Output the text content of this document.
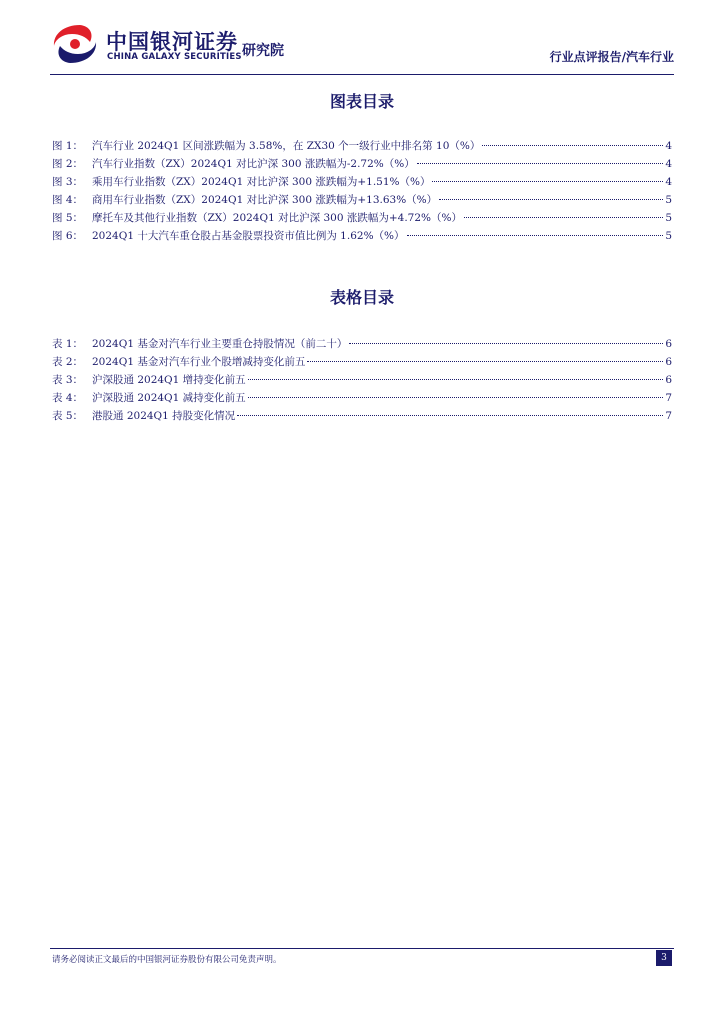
中国银河证券
CHINA GALAXY SECURITIES 研究院	行业点评报告/汽车行业
图表目录
图 1： 汽车行业 2024Q1 区间涨跌幅为 3.58%，在 ZX30 个一级行业中排名第 10（%）	4
图 2： 汽车行业指数（ZX）2024Q1 对比沪深 300 涨跌幅为-2.72%（%）	4
图 3： 乘用车行业指数（ZX）2024Q1 对比沪深 300 涨跌幅为+1.51%（%）	4
图 4： 商用车行业指数（ZX）2024Q1 对比沪深 300 涨跌幅为+13.63%（%）	5
图 5： 摩托车及其他行业指数（ZX）2024Q1 对比沪深 300 涨跌幅为+4.72%（%）	5
图 6： 2024Q1 十大汽车重仓股占基金股票投资市值比例为 1.62%（%）	5
表格目录
表 1： 2024Q1 基金对汽车行业主要重仓持股情况（前二十）	6
表 2： 2024Q1 基金对汽车行业个股增减持变化前五	6
表 3： 沪深股通 2024Q1 增持变化前五	6
表 4： 沪深股通 2024Q1 减持变化前五	7
表 5： 港股通 2024Q1 持股变化情况	7
请务必阅读正文最后的中国银河证券股份有限公司免责声明。	3
